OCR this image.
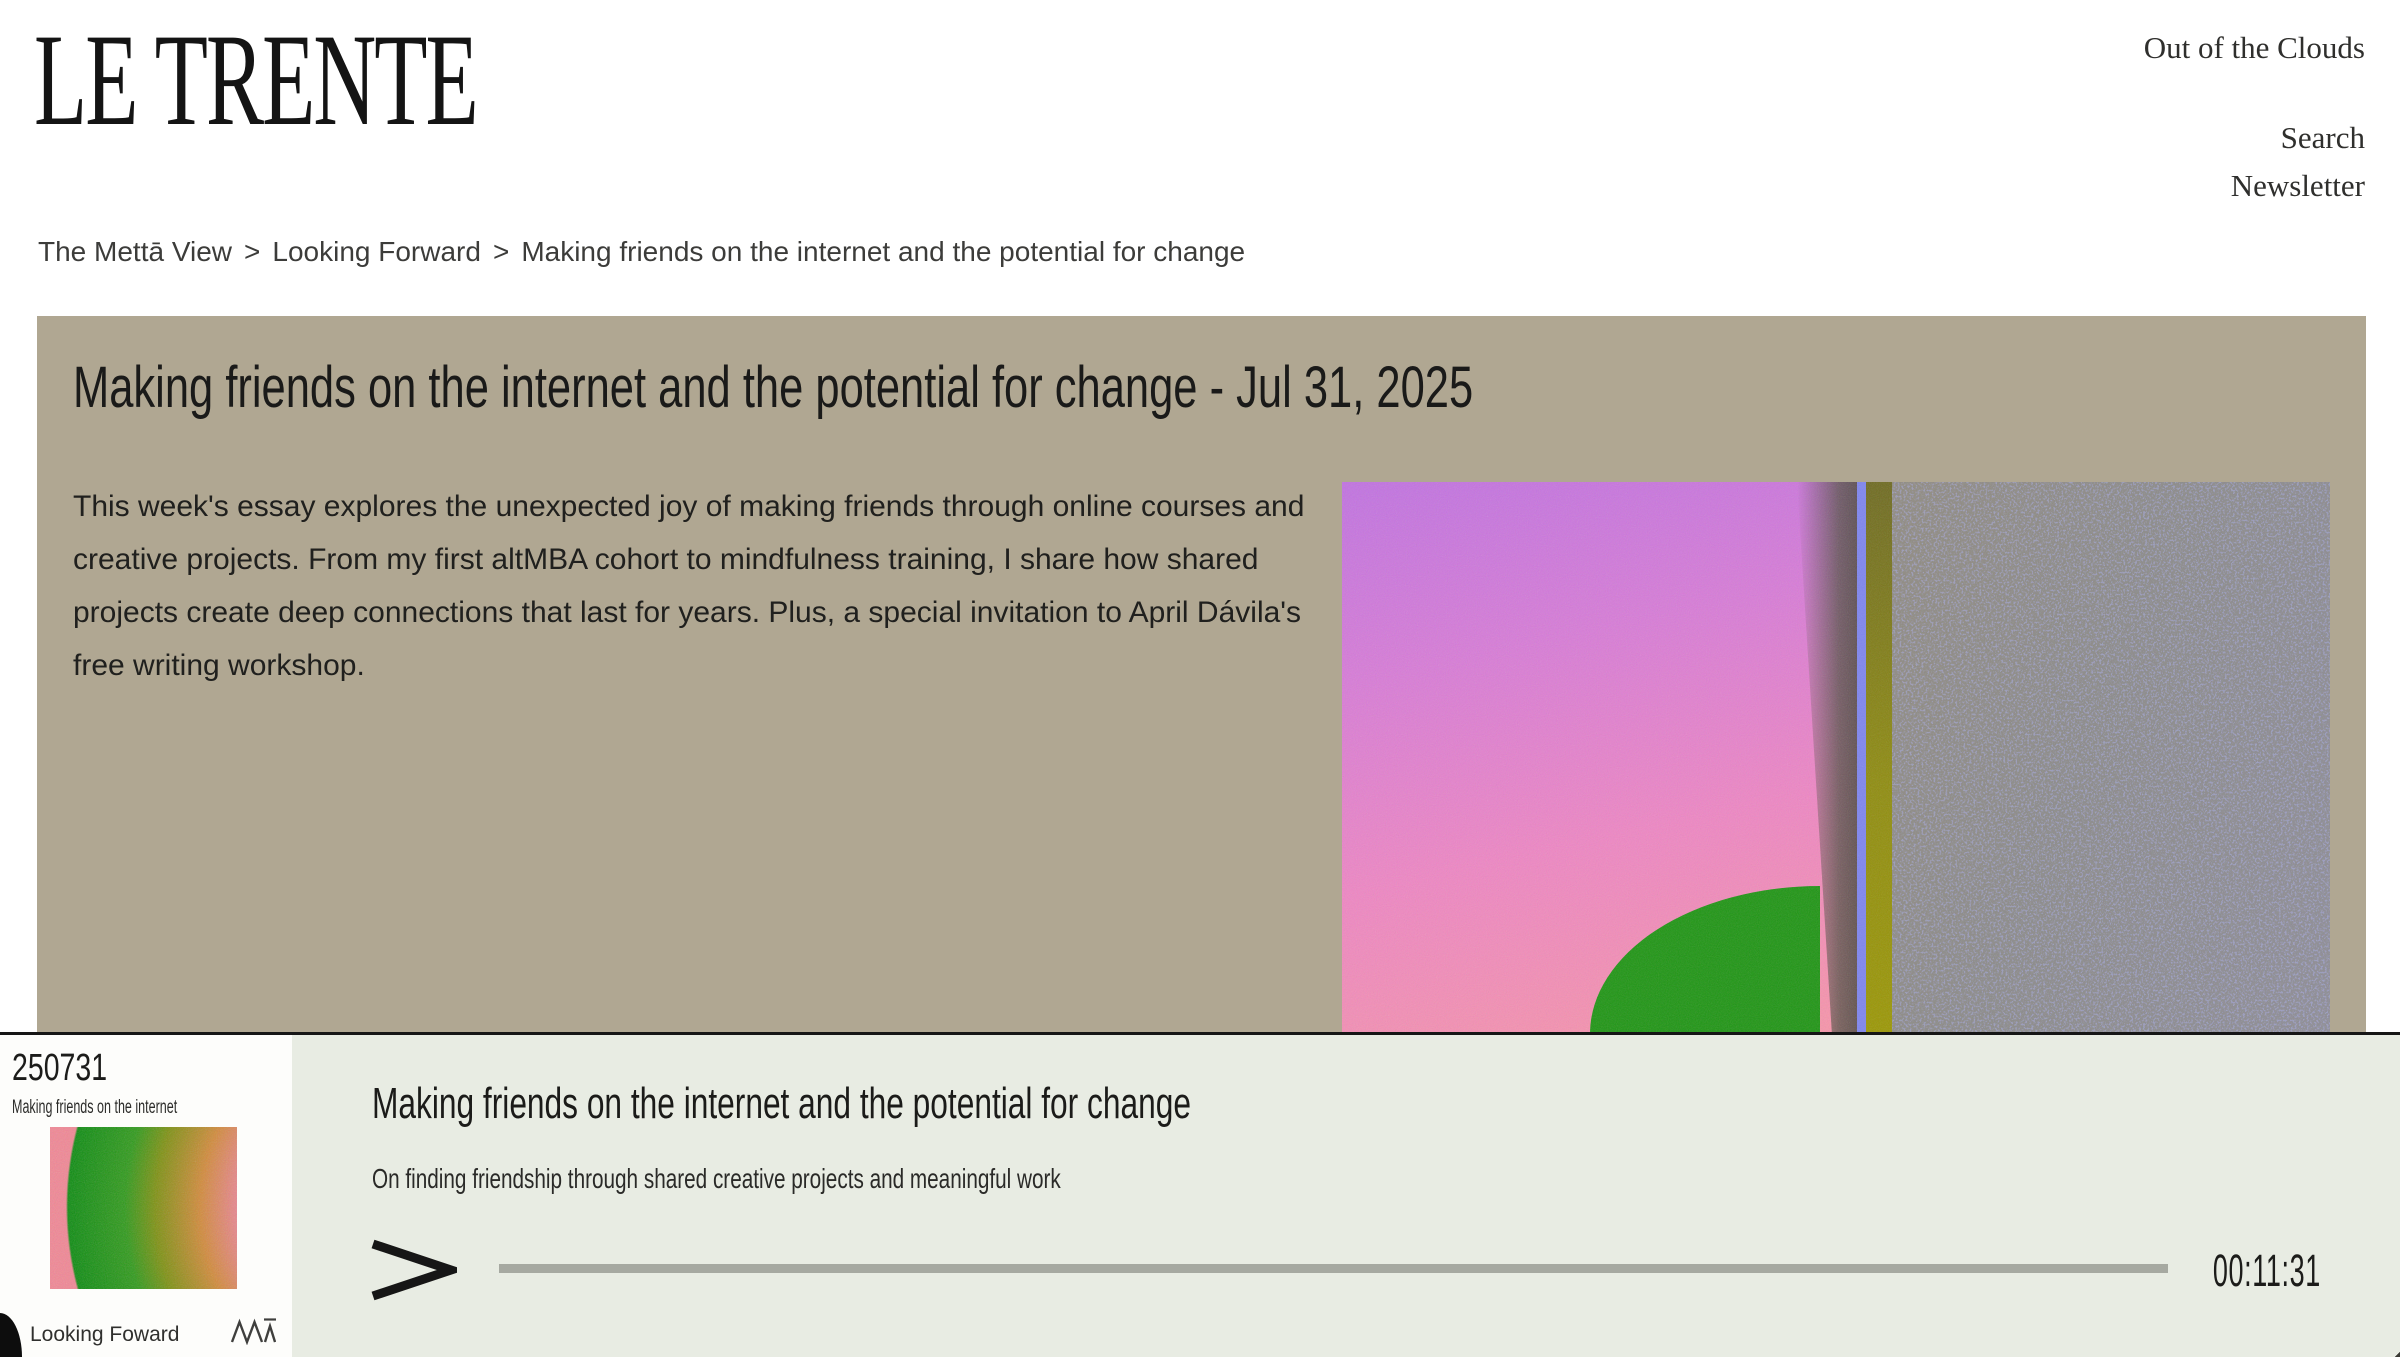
LE TRENTE	Out of the Clouds
Search
Newsletter
The Mettā View > Looking Forward > Making friends on the internet and the potential for change
Making friends on the internet and the potential for change - Jul 31, 2025

This week's essay explores the unexpected joy of making friends through online courses and creative projects. From my first altMBA cohort to mindfulness training, I share how shared projects create deep connections that last for years. Plus, a special invitation to April Dávila's free writing workshop.

250731
Making friends on the internet
Looking Foward
Making friends on the internet and the potential for change
On finding friendship through shared creative projects and meaningful work
00:11:31
